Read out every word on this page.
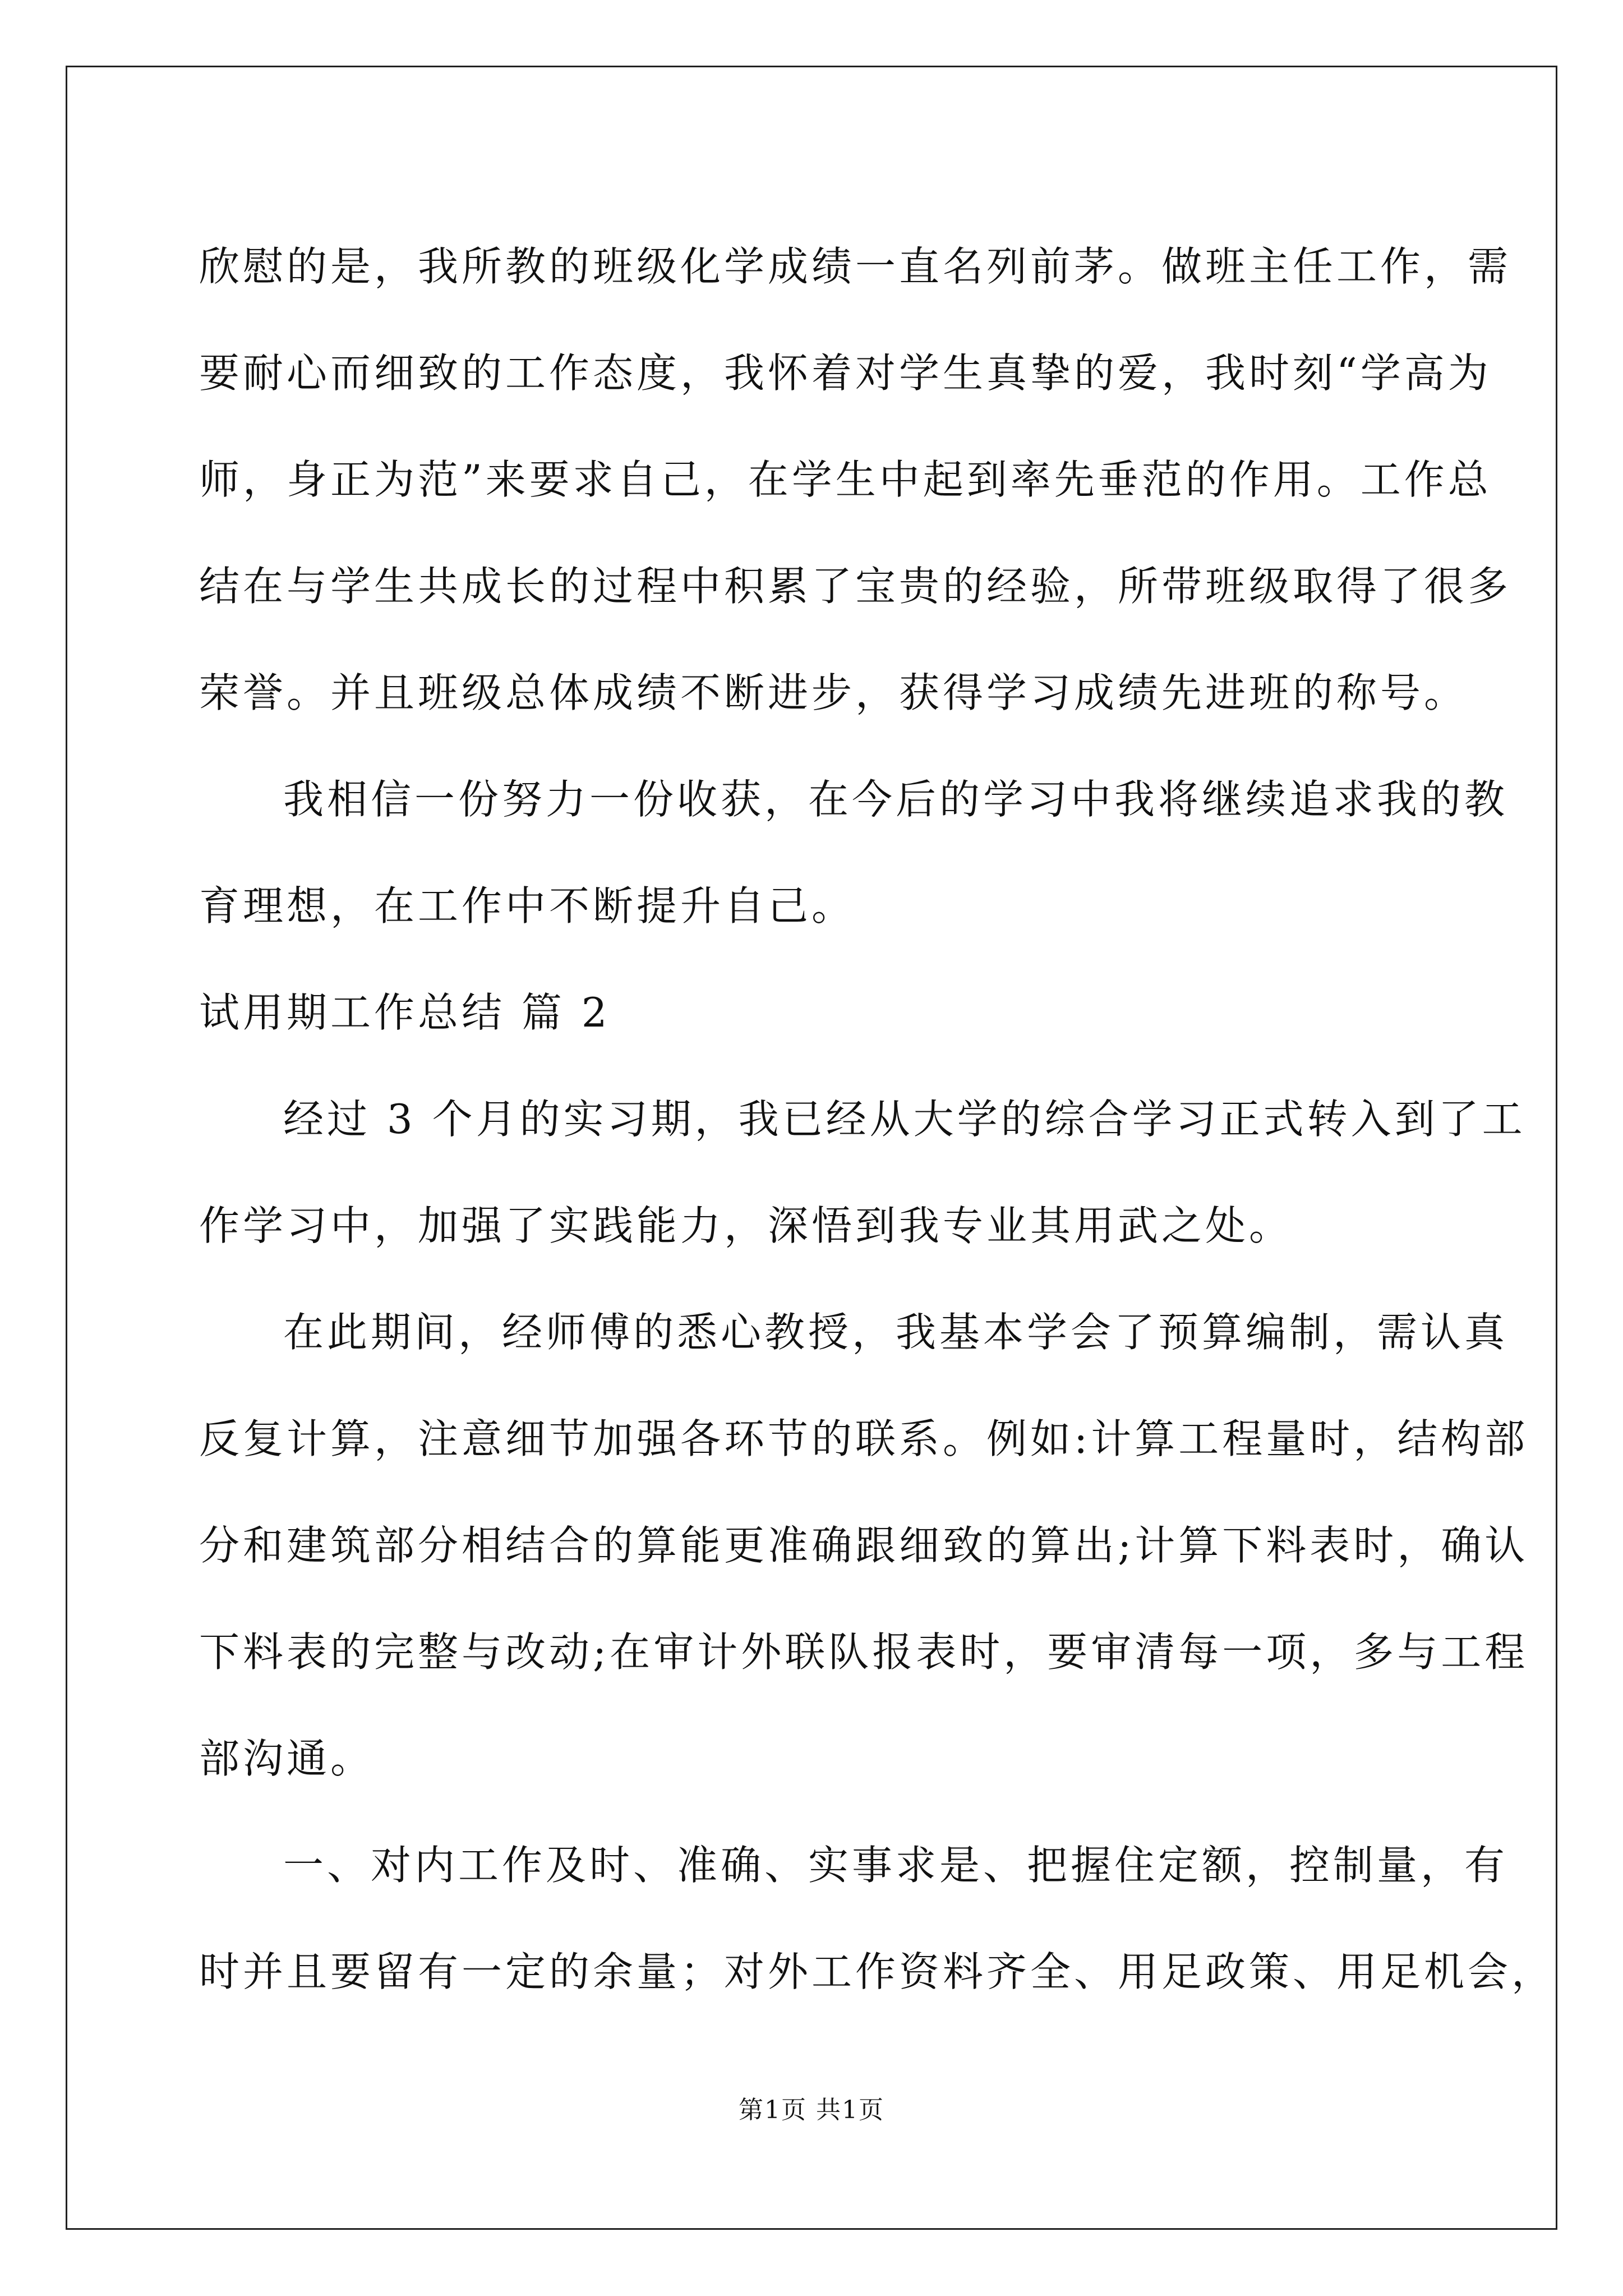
欣慰的是，我所教的班级化学成绩一直名列前茅。做班主任工作，需
要耐心而细致的工作态度，我怀着对学生真挚的爱，我时刻“学高为
师，身正为范”来要求自己，在学生中起到率先垂范的作用。工作总
结在与学生共成长的过程中积累了宝贵的经验，所带班级取得了很多
荣誉。并且班级总体成绩不断进步，获得学习成绩先进班的称号。
我相信一份努力一份收获，在今后的学习中我将继续追求我的教
育理想，在工作中不断提升自己。
试用期工作总结 篇 2
经过 3 个月的实习期，我已经从大学的综合学习正式转入到了工
作学习中，加强了实践能力，深悟到我专业其用武之处。
在此期间，经师傅的悉心教授，我基本学会了预算编制，需认真
反复计算，注意细节加强各环节的联系。例如:计算工程量时，结构部
分和建筑部分相结合的算能更准确跟细致的算出;计算下料表时，确认
下料表的完整与改动;在审计外联队报表时，要审清每一项，多与工程
部沟通。
一、对内工作及时、准确、实事求是、把握住定额，控制量，有
时并且要留有一定的余量；对外工作资料齐全、用足政策、用足机会，
第1页 共1页
